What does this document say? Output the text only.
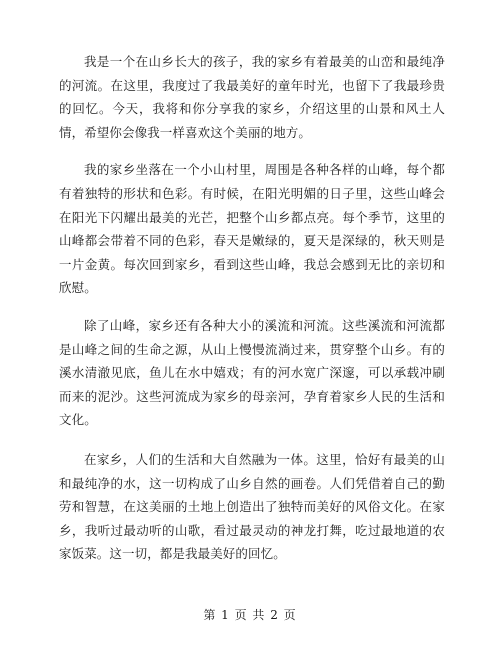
我是一个在山乡长大的孩子，我的家乡有着最美的山峦和最纯净的河流。在这里，我度过了我最美好的童年时光，也留下了我最珍贵的回忆。今天，我将和你分享我的家乡，介绍这里的山景和风土人情，希望你会像我一样喜欢这个美丽的地方。

我的家乡坐落在一个小山村里，周围是各种各样的山峰，每个都有着独特的形状和色彩。有时候，在阳光明媚的日子里，这些山峰会在阳光下闪耀出最美的光芒，把整个山乡都点亮。每个季节，这里的山峰都会带着不同的色彩，春天是嫩绿的，夏天是深绿的，秋天则是一片金黄。每次回到家乡，看到这些山峰，我总会感到无比的亲切和欣慰。

除了山峰，家乡还有各种大小的溪流和河流。这些溪流和河流都是山峰之间的生命之源，从山上慢慢流淌过来，贯穿整个山乡。有的溪水清澈见底，鱼儿在水中嬉戏；有的河水宽广深邃，可以承载冲刷而来的泥沙。这些河流成为家乡的母亲河，孕育着家乡人民的生活和文化。

在家乡，人们的生活和大自然融为一体。这里，恰好有最美的山和最纯净的水，这一切构成了山乡自然的画卷。人们凭借着自己的勤劳和智慧，在这美丽的土地上创造出了独特而美好的风俗文化。在家乡，我听过最动听的山歌，看过最灵动的神龙打舞，吃过最地道的农家饭菜。这一切，都是我最美好的回忆。

第 1 页 共 2 页
